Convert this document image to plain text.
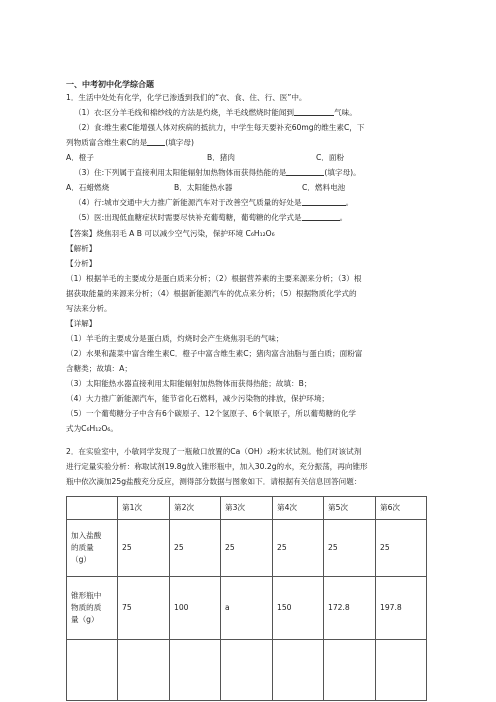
一、中考初中化学综合题
1．生活中处处有化学，化学已渗透到我们的“衣、食、住、行、医”中。
（1）衣:区分羊毛线和棉纱线的方法是灼烧，羊毛线燃烧时能闻到	气味。
（2）食:维生素C能增强人体对疾病的抵抗力，中学生每天要补充60mg的维生素C，下
列物质富含维生素C的是 (填字母)
A．橙子	B．猪肉	C．面粉
（3）住:下列属于直接利用太阳能辐射加热物体而获得热能的是	(填字母)。
A．石蜡燃烧	B．太阳能热水器	C．燃料电池
（4）行:城市交通中大力推广新能源汽车对于改善空气质量的好处是	。
（5）医:出现低血糖症状时需要尽快补充葡萄糖，葡萄糖的化学式是	。
【答案】烧焦羽毛 A B 可以减少空气污染，保护环境 C₆H₁₂O₆
【解析】
【分析】
（1）根据羊毛的主要成分是蛋白质来分析；（2）根据营养素的主要来源来分析；（3）根
据获取能量的来源来分析；（4）根据新能源汽车的优点来分析；（5）根据物质化学式的
写法来分析。
【详解】
（1）羊毛的主要成分是蛋白质，灼烧时会产生烧焦羽毛的气味；
（2）水果和蔬菜中富含维生素C．橙子中富含维生素C；猪肉富含油脂与蛋白质；面粉富
含糖类；故填：A；
（3）太阳能热水器直接利用太阳能辐射加热物体而获得热能；故填：B；
（4）大力推广新能源汽车，能节省化石燃料，减少污染物的排放，保护环境；
（5）一个葡萄糖分子中含有6个碳原子、12个氢原子、6个氧原子，所以葡萄糖的化学
式为C₆H₁₂O₆。
2．在实验室中，小敏同学发现了一瓶敞口放置的Ca（OH）₂粉末状试剂。他们对该试剂
进行定量实验分析：称取试剂19.8g放入锥形瓶中，加入30.2g的水，充分振荡，再向锥形
瓶中依次滴加25g盐酸充分反应，测得部分数据与图象如下．请根据有关信息回答问题：
	第1次	第2次	第3次	第4次	第5次	第6次

加入盐酸
的质量
（g）	25	25	25	25	25	25

锥形瓶中
物质的质
量（g）	75	100	a	150	172.8	197.8
